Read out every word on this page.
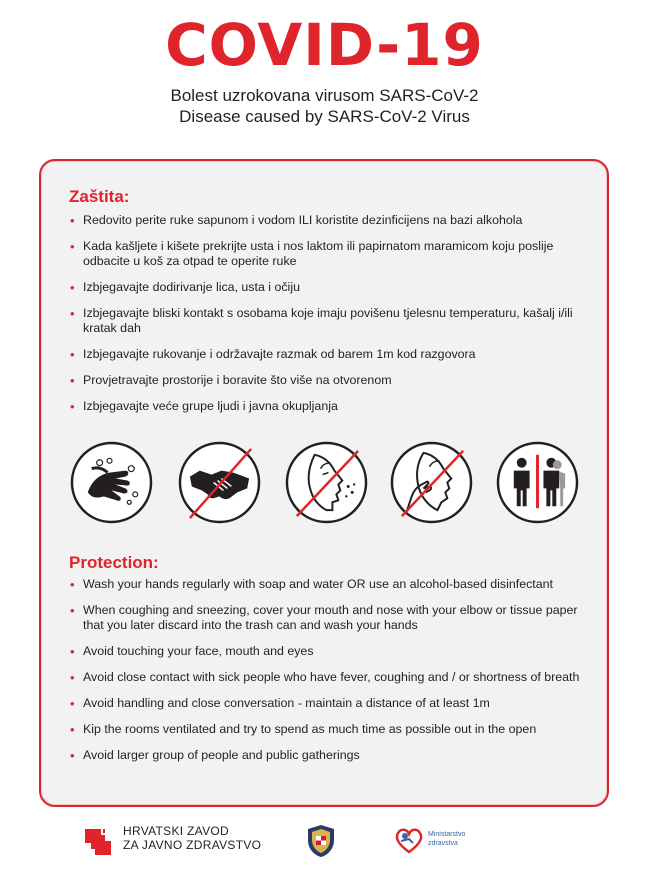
COVID-19
Bolest uzrokovana virusom SARS-CoV-2
Disease caused by SARS-CoV-2 Virus
Zaštita:
• Redovito perite ruke sapunom i vodom ILI koristite dezinficijens na bazi alkohola
• Kada kašljete i kišete prekrijte usta i nos laktom ili papirnatom maramicom koju poslije odbacite u koš za otpad te operite ruke
• Izbjegavajte dodirivanje lica, usta i očiju
• Izbjegavajte bliski kontakt s osobama koje imaju povišenu tjelesnu temperaturu, kašalj i/ili kratak dah
• Izbjegavajte rukovanje i održavajte razmak od barem 1m kod razgovora
• Provjetravajte prostorije i boravite što više na otvorenom
• Izbjegavajte veće grupe ljudi i javna okupljanja
Protection:
• Wash your hands regularly with soap and water OR use an alcohol-based disinfectant
• When coughing and sneezing, cover your mouth and nose with your elbow or tissue paper that you later discard into the trash can and wash your hands
• Avoid touching your face, mouth and eyes
• Avoid close contact with sick people who have fever, coughing and / or shortness of breath
• Avoid handling and close conversation - maintain a distance of at least 1m
• Kip the rooms ventilated and try to spend as much time as possible out in the open
• Avoid larger group of people and public gatherings
HRVATSKI ZAVOD
ZA JAVNO ZDRAVSTVO
Ministarstvo
zdravstva
